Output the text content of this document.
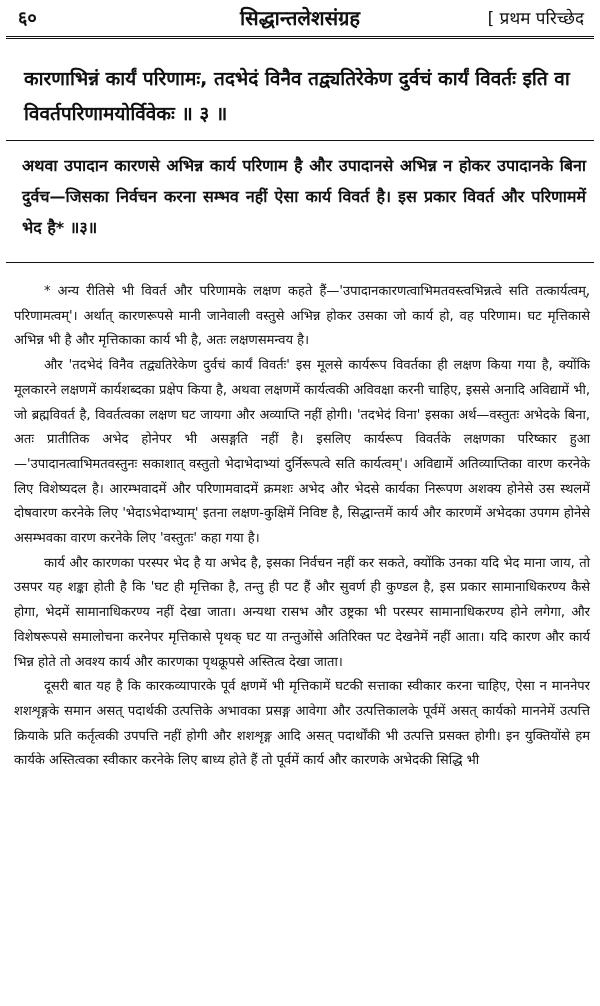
६०	सिद्धान्तलेशसंग्रह	[ प्रथम परिच्छेद
कारणाभिन्नं कार्यं परिणामः, तदभेदं विनैव तद्व्यतिरेकेण दुर्वचं कार्यं विवर्तः इति वा विवर्तपरिणामयोर्विवेकः ॥ ३ ॥
अथवा उपादान कारणसे अभिन्न कार्य परिणाम है और उपादानसे अभिन्न न होकर उपादानके बिना दुर्वच—जिसका निर्वचन करना सम्भव नहीं ऐसा कार्य विवर्त है। इस प्रकार विवर्त और परिणाममें भेद है* ॥३॥

* अन्य रीतिसे भी विवर्त और परिणामके लक्षण कहते हैं—'उपादानकारणत्वाभिमतवस्त्वभिन्नत्वे सति तत्कार्यत्वम्, परिणामत्वम्'। अर्थात् कारणरूपसे मानी जानेवाली वस्तुसे अभिन्न होकर उसका जो कार्य हो, वह परिणाम। घट मृत्तिकासे अभिन्न भी है और मृत्तिकाका कार्य भी है, अतः लक्षणसमन्वय है।

और 'तदभेदं विनैव तद्व्यतिरेकेण दुर्वचं कार्यं विवर्तः' इस मूलसे कार्यरूप विवर्तका ही लक्षण किया गया है, क्योंकि मूलकारने लक्षणमें कार्यशब्दका प्रक्षेप किया है, अथवा लक्षणमें कार्यत्वकी अविवक्षा करनी चाहिए, इससे अनादि अविद्यामें भी, जो ब्रह्मविवर्त है, विवर्तत्वका लक्षण घट जायगा और अव्याप्ति नहीं होगी। 'तदभेदं विना' इसका अर्थ—वस्तुतः अभेदके बिना, अतः प्रातीतिक अभेद होनेपर भी असङ्गति नहीं है। इसलिए कार्यरूप विवर्तके लक्षणका परिष्कार हुआ—'उपादानत्वाभिमतवस्तुनः सकाशात् वस्तुतो भेदाभेदाभ्यां दुर्निरूपत्वे सति कार्यत्वम्'। अविद्यामें अतिव्याप्तिका वारण करनेके लिए विशेष्यदल है। आरम्भवादमें और परिणामवादमें क्रमशः अभेद और भेदसे कार्यका निरूपण अशक्य होनेसे उस स्थलमें दोषवारण करनेके लिए 'भेदाऽभेदाभ्याम्' इतना लक्षण-कुक्षिमें निविष्ट है, सिद्धान्तमें कार्य और कारणमें अभेदका उपगम होनेसे असम्भवका वारण करनेके लिए 'वस्तुतः' कहा गया है।

कार्य और कारणका परस्पर भेद है या अभेद है, इसका निर्वचन नहीं कर सकते, क्योंकि उनका यदि भेद माना जाय, तो उसपर यह शङ्का होती है कि 'घट ही मृत्तिका है, तन्तु ही पट हैं और सुवर्ण ही कुण्डल है, इस प्रकार सामानाधिकरण्य कैसे होगा, भेदमें सामानाधिकरण्य नहीं देखा जाता। अन्यथा रासभ और उष्ट्रका भी परस्पर सामानाधिकरण्य होने लगेगा, और विशेषरूपसे समालोचना करनेपर मृत्तिकासे पृथक् घट या तन्तुओंसे अतिरिक्त पट देखनेमें नहीं आता। यदि कारण और कार्य भिन्न होते तो अवश्य कार्य और कारणका पृथक्रूपसे अस्तित्व देखा जाता।

दूसरी बात यह है कि कारकव्यापारके पूर्व क्षणमें भी मृत्तिकामें घटकी सत्ताका स्वीकार करना चाहिए, ऐसा न माननेपर शशशृङ्गके समान असत् पदार्थकी उत्पत्तिके अभावका प्रसङ्ग आवेगा और उत्पत्तिकालके पूर्वमें असत् कार्यको माननेमें उत्पत्ति क्रियाके प्रति कर्तृत्वकी उपपत्ति नहीं होगी और शशशृङ्ग आदि असत् पदार्थोंकी भी उत्पत्ति प्रसक्त होगी। इन युक्तियोंसे हम कार्यके अस्तित्वका स्वीकार करनेके लिए बाध्य होते हैं तो पूर्वमें कार्य और कारणके अभेदकी सिद्धि भी
